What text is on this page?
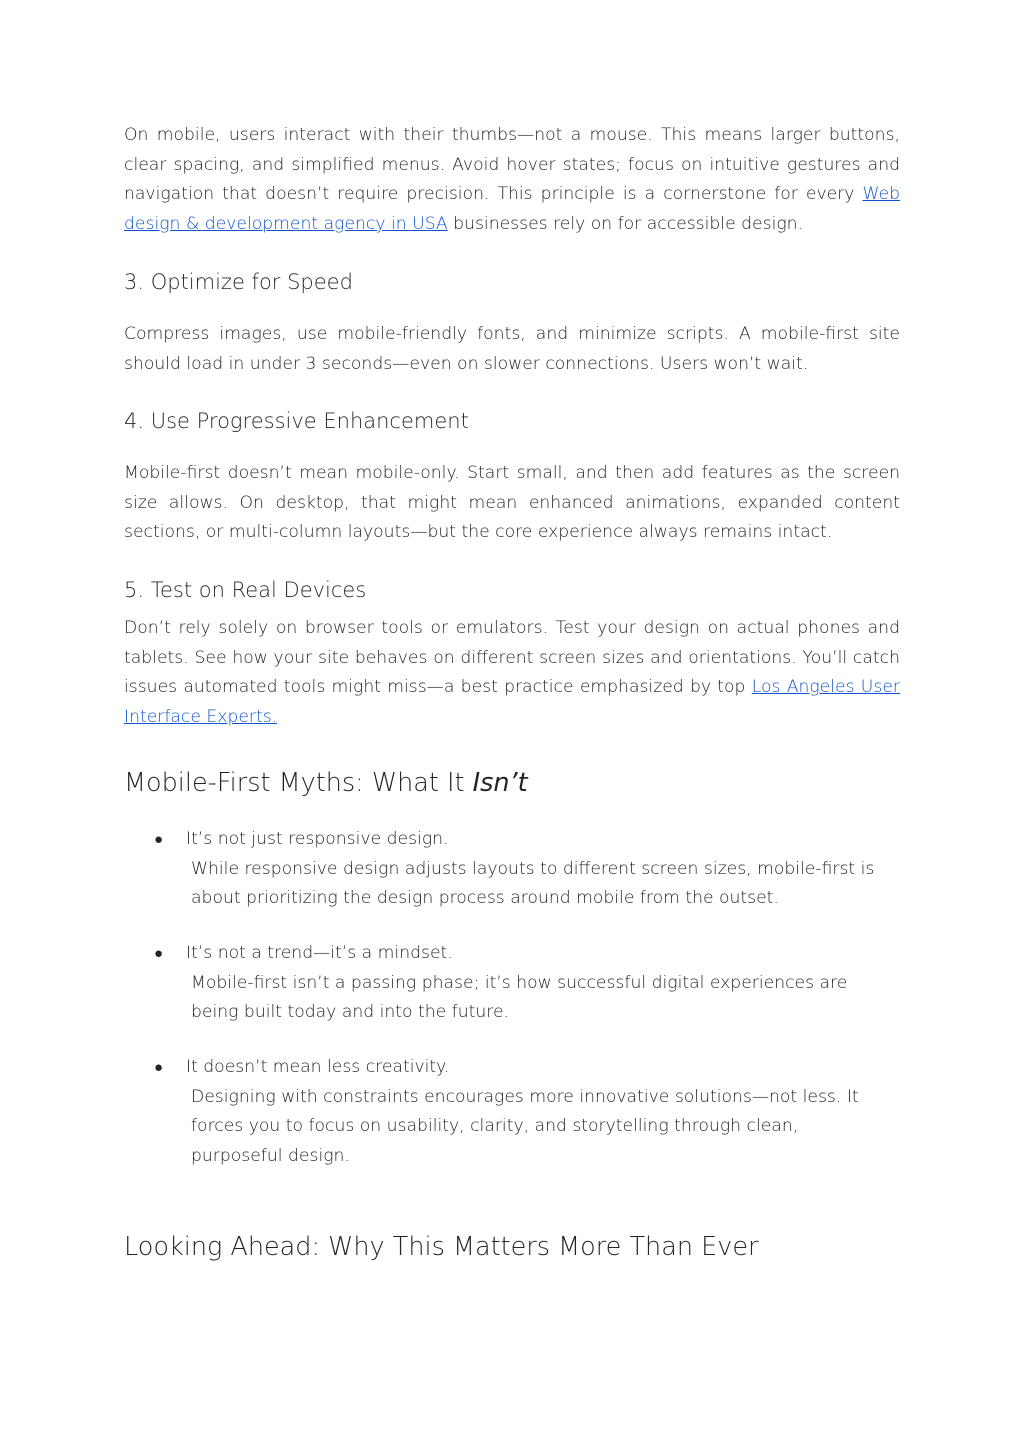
On mobile, users interact with their thumbs—not a mouse. This means larger buttons, clear spacing, and simplified menus. Avoid hover states; focus on intuitive gestures and navigation that doesn’t require precision. This principle is a cornerstone for every Web design & development agency in USA businesses rely on for accessible design.

3. Optimize for Speed

Compress images, use mobile-friendly fonts, and minimize scripts. A mobile-first site should load in under 3 seconds—even on slower connections. Users won’t wait.

4. Use Progressive Enhancement

Mobile-first doesn’t mean mobile-only. Start small, and then add features as the screen size allows. On desktop, that might mean enhanced animations, expanded content sections, or multi-column layouts—but the core experience always remains intact.

5. Test on Real Devices

Don’t rely solely on browser tools or emulators. Test your design on actual phones and tablets. See how your site behaves on different screen sizes and orientations. You’ll catch issues automated tools might miss—a best practice emphasized by top Los Angeles User Interface Experts.

Mobile-First Myths: What It Isn’t
● It’s not just responsive design.
While responsive design adjusts layouts to different screen sizes, mobile-first is about prioritizing the design process around mobile from the outset.
● It’s not a trend—it’s a mindset.
Mobile-first isn’t a passing phase; it’s how successful digital experiences are being built today and into the future.
● It doesn’t mean less creativity.
Designing with constraints encourages more innovative solutions—not less. It forces you to focus on usability, clarity, and storytelling through clean, purposeful design.
Looking Ahead: Why This Matters More Than Ever
